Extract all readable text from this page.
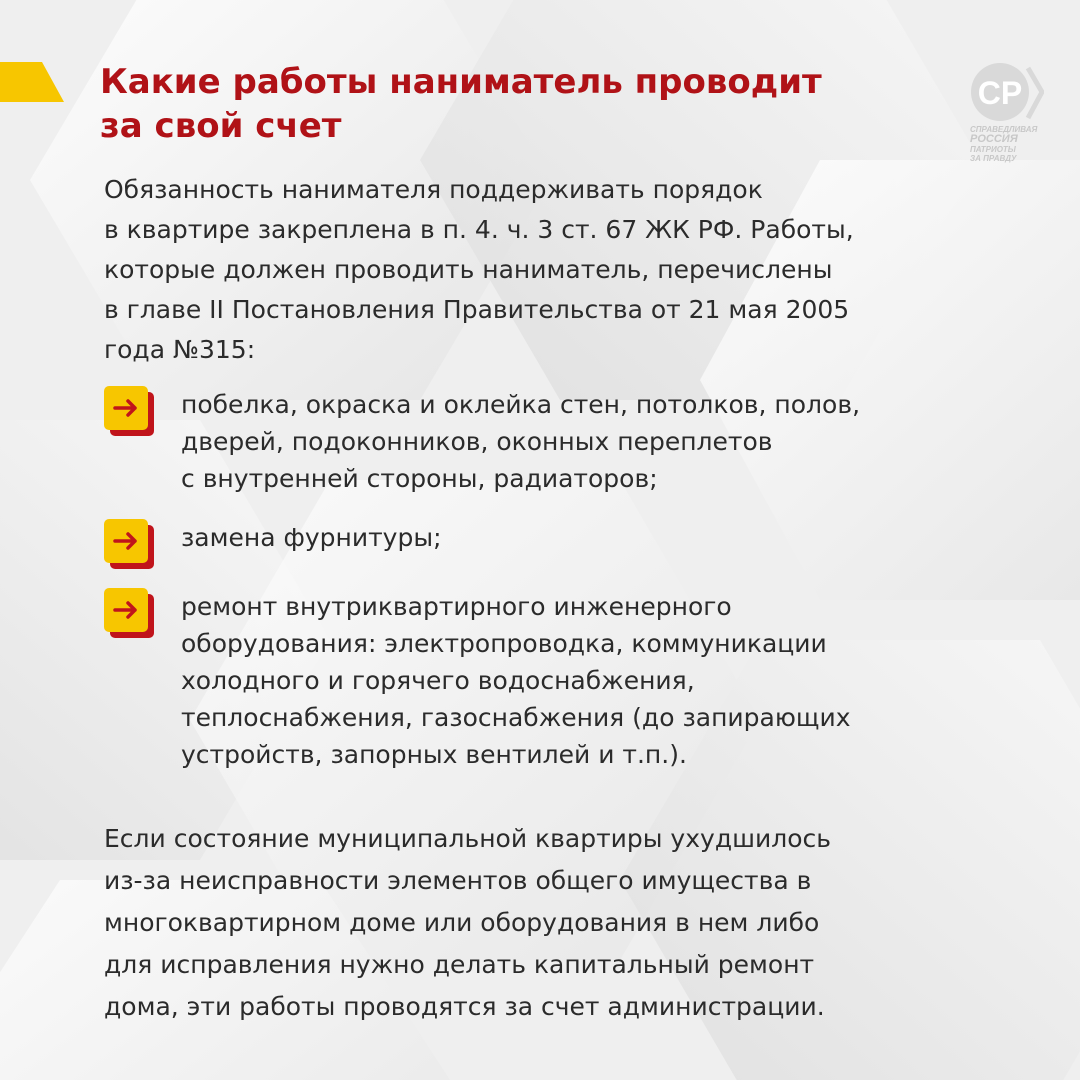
Какие работы наниматель проводит
за свой счет
СР
СПРАВЕДЛИВАЯ
РОССИЯ
ПАТРИОТЫ
ЗА ПРАВДУ

Обязанность нанимателя поддерживать порядок
в квартире закреплена в п. 4. ч. 3 ст. 67 ЖК РФ. Работы,
которые должен проводить наниматель, перечислены
в главе II Постановления Правительства от 21 мая 2005
года №315:

побелка, окраска и оклейка стен, потолков, полов,
дверей, подоконников, оконных переплетов
с внутренней стороны, радиаторов;

замена фурнитуры;

ремонт внутриквартирного инженерного
оборудования: электропроводка, коммуникации
холодного и горячего водоснабжения,
теплоснабжения, газоснабжения (до запирающих
устройств, запорных вентилей и т.п.).

Если состояние муниципальной квартиры ухудшилось
из-за неисправности элементов общего имущества в
многоквартирном доме или оборудования в нем либо
для исправления нужно делать капитальный ремонт
дома, эти работы проводятся за счет администрации.
